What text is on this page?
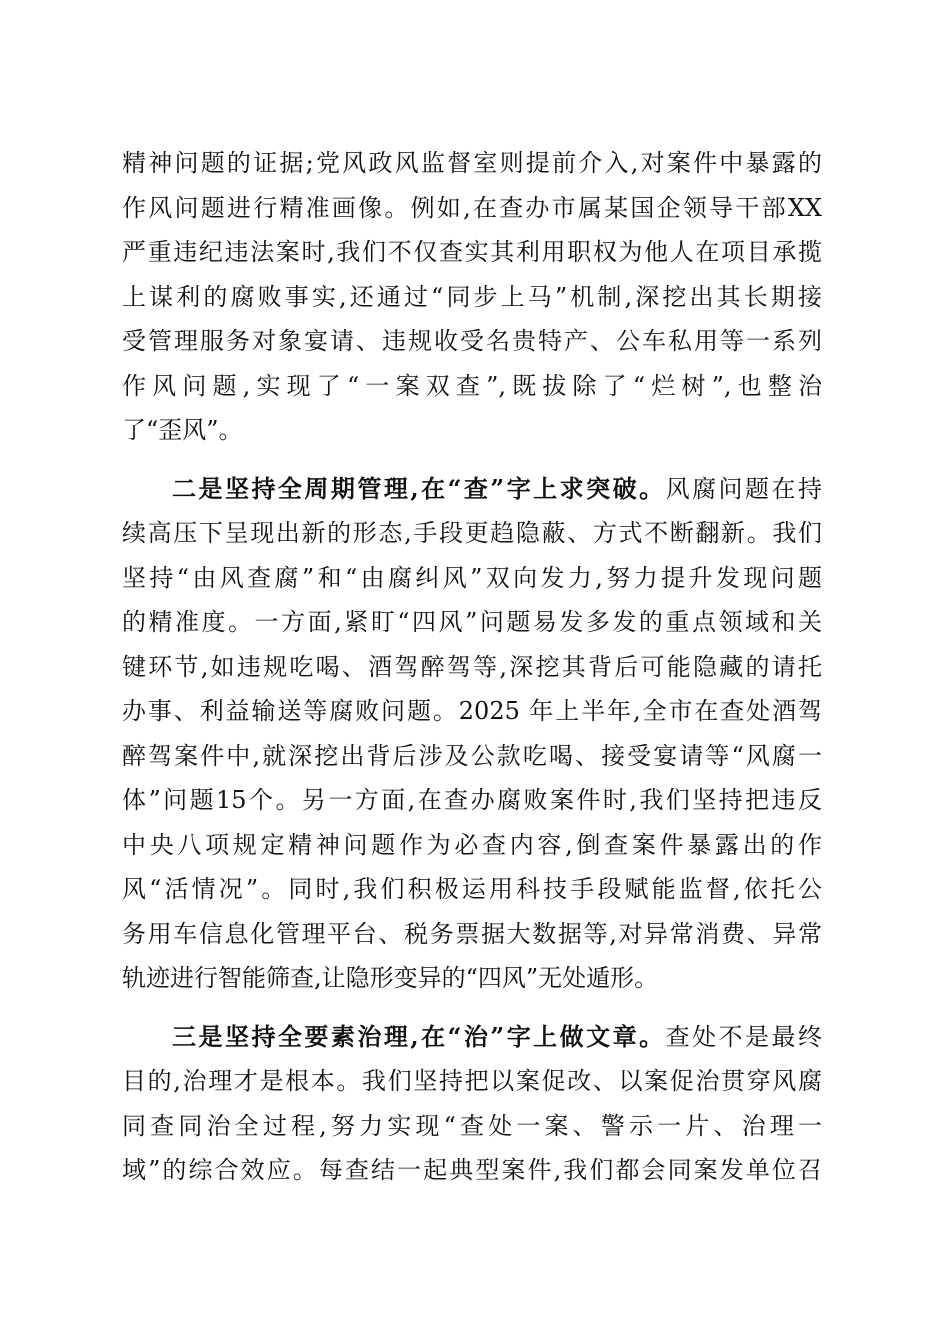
精神问题的证据;党风政风监督室则提前介入,对案件中暴露的
作风问题进行精准画像。例如,在查办市属某国企领导干部XX
严重违纪违法案时,我们不仅查实其利用职权为他人在项目承揽
上谋利的腐败事实,还通过“同步上马”机制,深挖出其长期接
受管理服务对象宴请、违规收受名贵特产、公车私用等一系列
作风问题,实现了“一案双查”,既拔除了“烂树”,也整治
了“歪风”。
二是坚持全周期管理,在“查”字上求突破。风腐问题在持
续高压下呈现出新的形态,手段更趋隐蔽、方式不断翻新。我们
坚持“由风查腐”和“由腐纠风”双向发力,努力提升发现问题
的精准度。一方面,紧盯“四风”问题易发多发的重点领域和关
键环节,如违规吃喝、酒驾醉驾等,深挖其背后可能隐藏的请托
办事、利益输送等腐败问题。2025 年上半年,全市在查处酒驾
醉驾案件中,就深挖出背后涉及公款吃喝、接受宴请等“风腐一
体”问题15个。另一方面,在查办腐败案件时,我们坚持把违反
中央八项规定精神问题作为必查内容,倒查案件暴露出的作
风“活情况”。同时,我们积极运用科技手段赋能监督,依托公
务用车信息化管理平台、税务票据大数据等,对异常消费、异常
轨迹进行智能筛查,让隐形变异的“四风”无处遁形。
三是坚持全要素治理,在“治”字上做文章。查处不是最终
目的,治理才是根本。我们坚持把以案促改、以案促治贯穿风腐
同查同治全过程,努力实现“查处一案、警示一片、治理一
域”的综合效应。每查结一起典型案件,我们都会同案发单位召
